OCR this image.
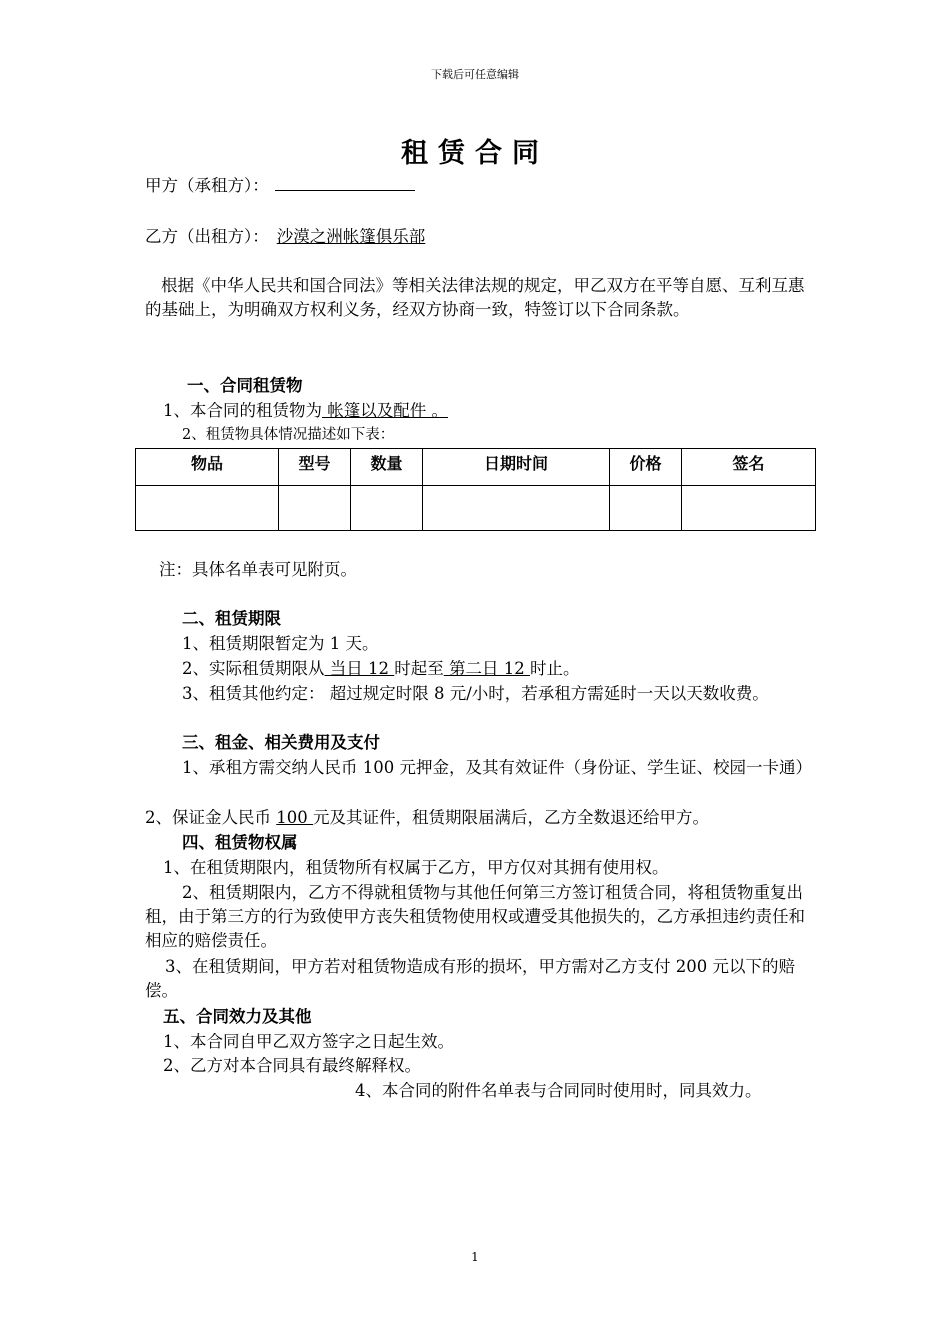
下载后可任意编辑
租赁合同
甲方（承租方）：
乙方（出租方）： 沙漠之洲帐篷俱乐部
根据《中华人民共和国合同法》等相关法律法规的规定，甲乙双方在平等自愿、互利互惠的基础上，为明确双方权利义务，经双方协商一致，特签订以下合同条款。
一、合同租赁物
1、本合同的租赁物为 帐篷以及配件 。
2、租赁物具体情况描述如下表：
物品	型号	数量	日期时间	价格	签名

注：具体名单表可见附页。
二、租赁期限
1、租赁期限暂定为 1 天。
2、实际租赁期限从 当日 12 时起至 第二日 12 时止。
3、租赁其他约定： 超过规定时限 8 元/小时，若承租方需延时一天以天数收费。
三、租金、相关费用及支付
1、承租方需交纳人民币 100 元押金，及其有效证件（身份证、学生证、校园一卡通）
2、保证金人民币 100 元及其证件，租赁期限届满后，乙方全数退还给甲方。
四、租赁物权属
1、在租赁期限内，租赁物所有权属于乙方，甲方仅对其拥有使用权。
2、租赁期限内，乙方不得就租赁物与其他任何第三方签订租赁合同，将租赁物重复出租，由于第三方的行为致使甲方丧失租赁物使用权或遭受其他损失的，乙方承担违约责任和相应的赔偿责任。
3、在租赁期间，甲方若对租赁物造成有形的损坏，甲方需对乙方支付 200 元以下的赔偿。
五、合同效力及其他
1、本合同自甲乙双方签字之日起生效。
2、乙方对本合同具有最终解释权。
4、本合同的附件名单表与合同同时使用时，同具效力。
1
